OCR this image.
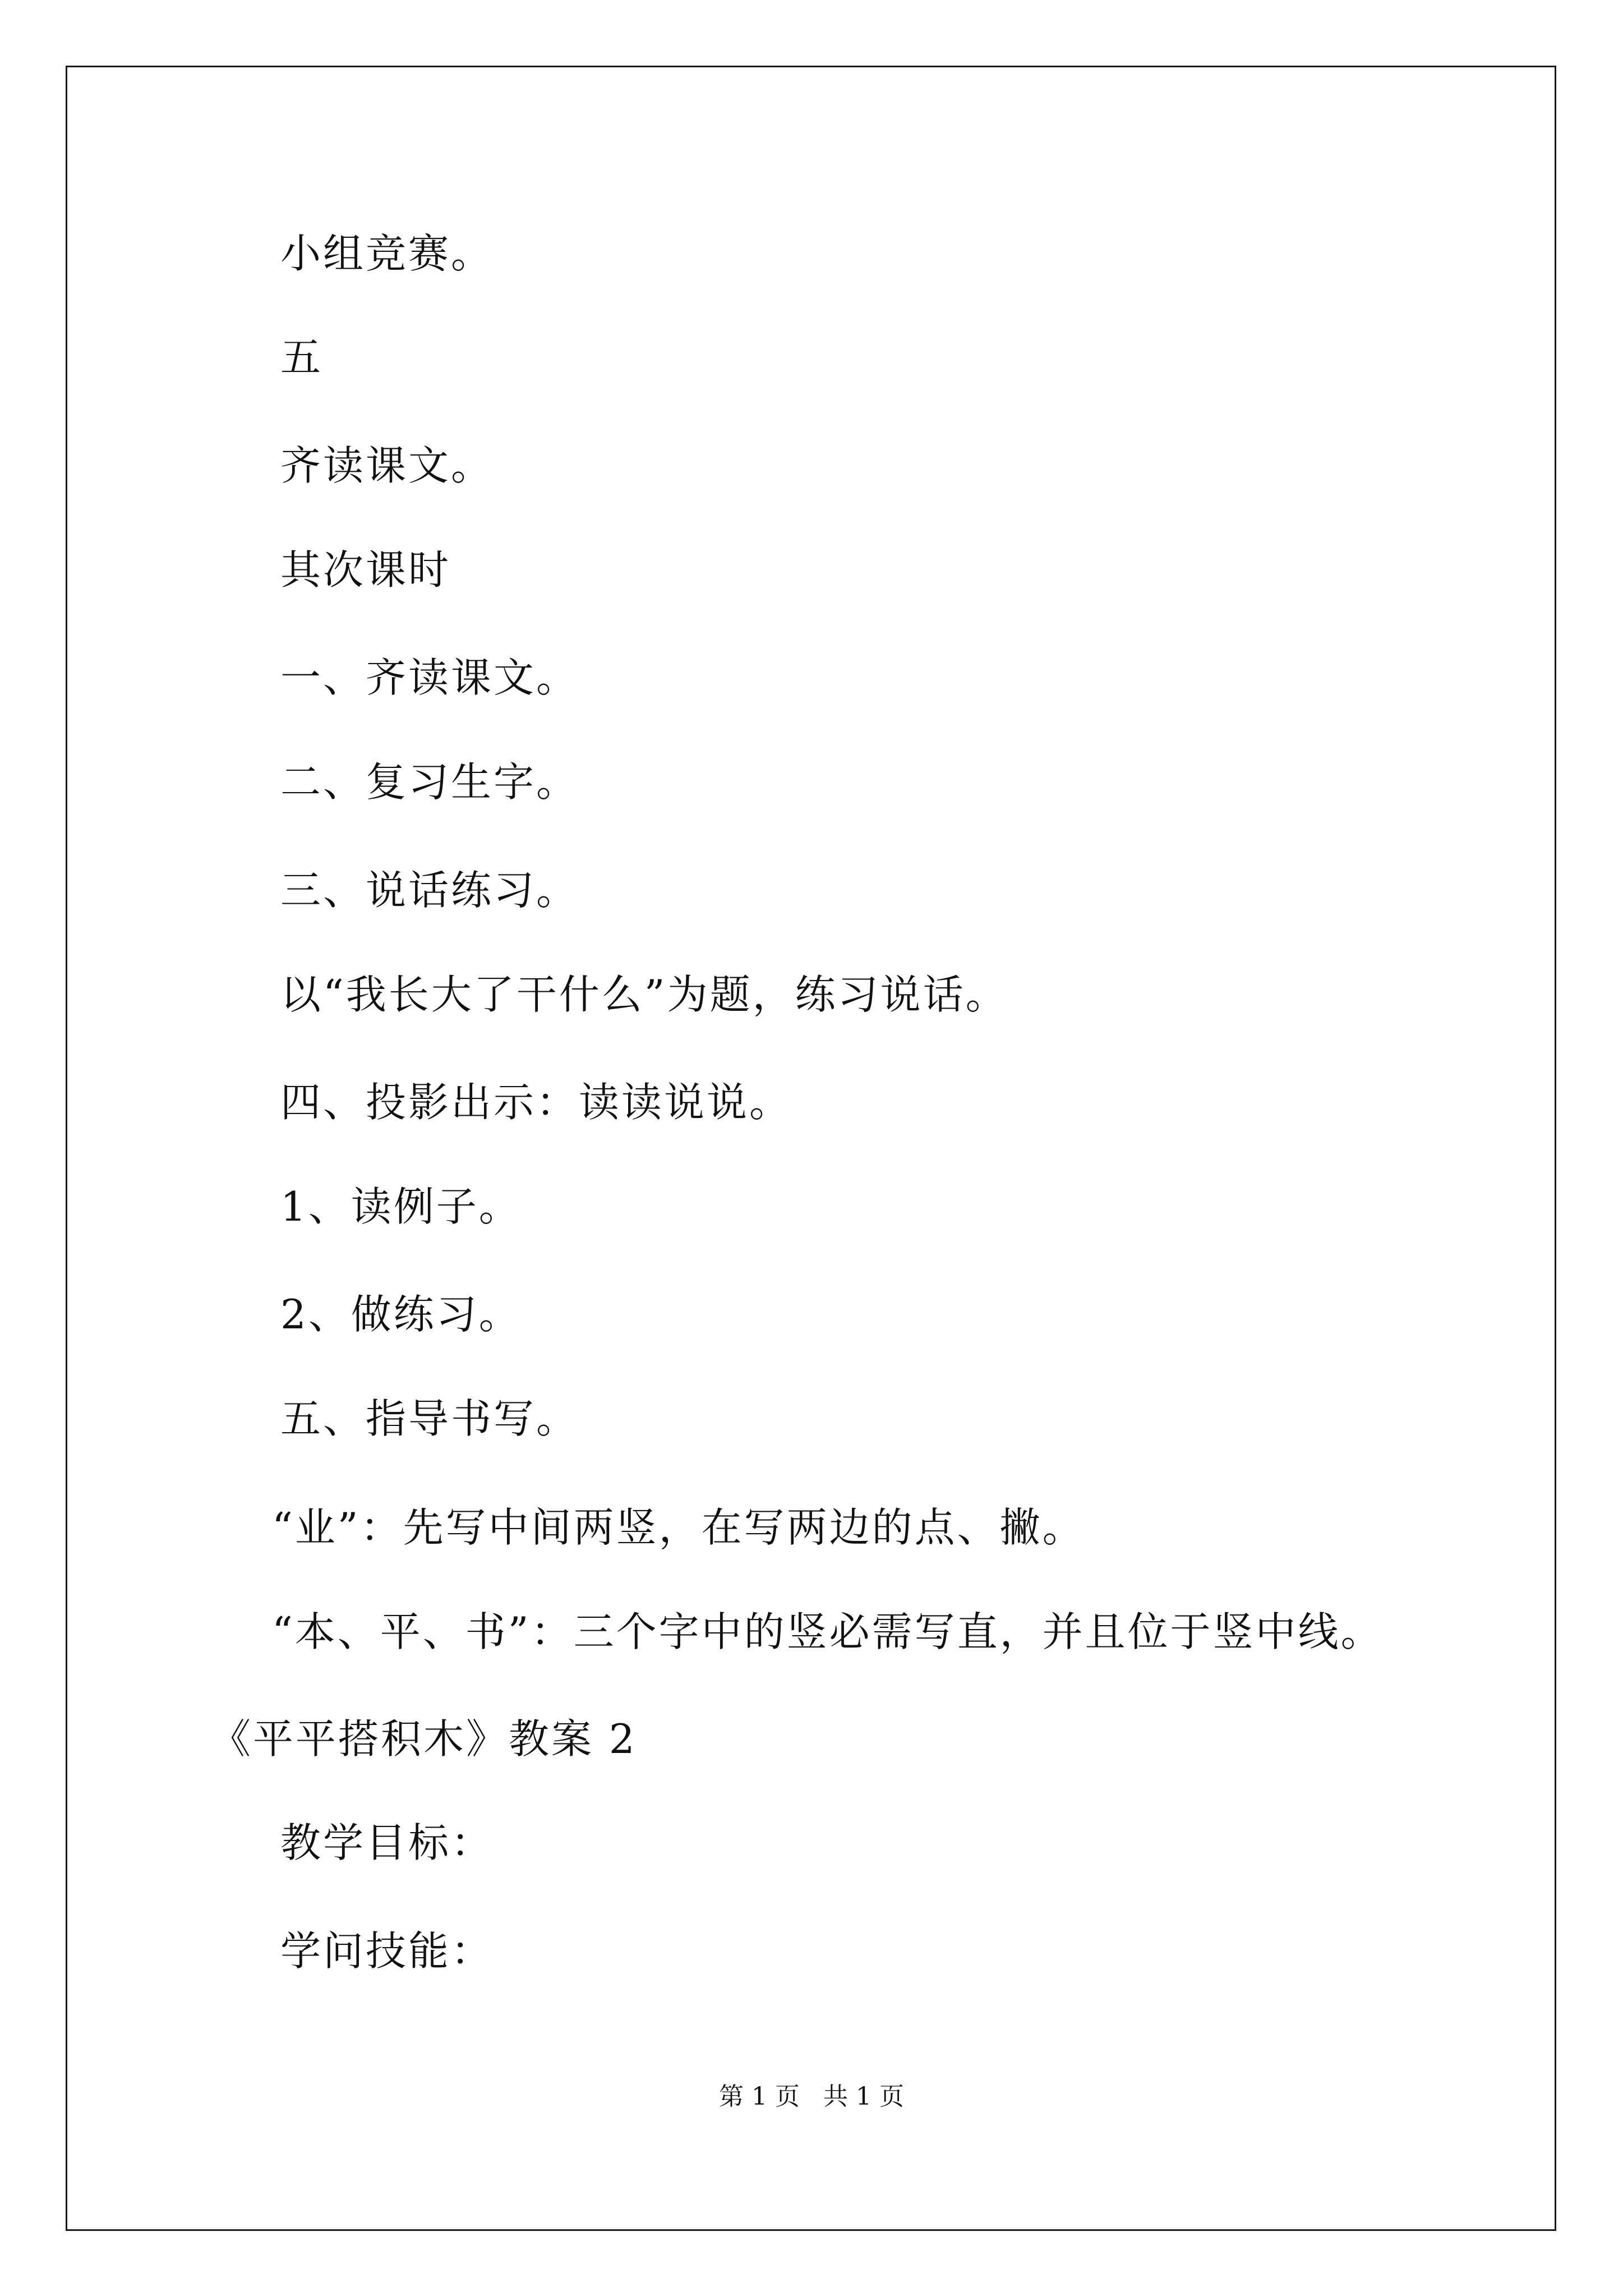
小组竞赛。

五

齐读课文。

其次课时

一、齐读课文。

二、复习生字。

三、说话练习。

以“我长大了干什么”为题，练习说话。

四、投影出示：读读说说。

1、读例子。

2、做练习。

五、指导书写。

“业”：先写中间两竖，在写两边的点、撇。

“本、平、书”：三个字中的竖必需写直，并且位于竖中线。

《平平搭积木》教案 2

教学目标：

学问技能：

第 1 页   共 1 页
